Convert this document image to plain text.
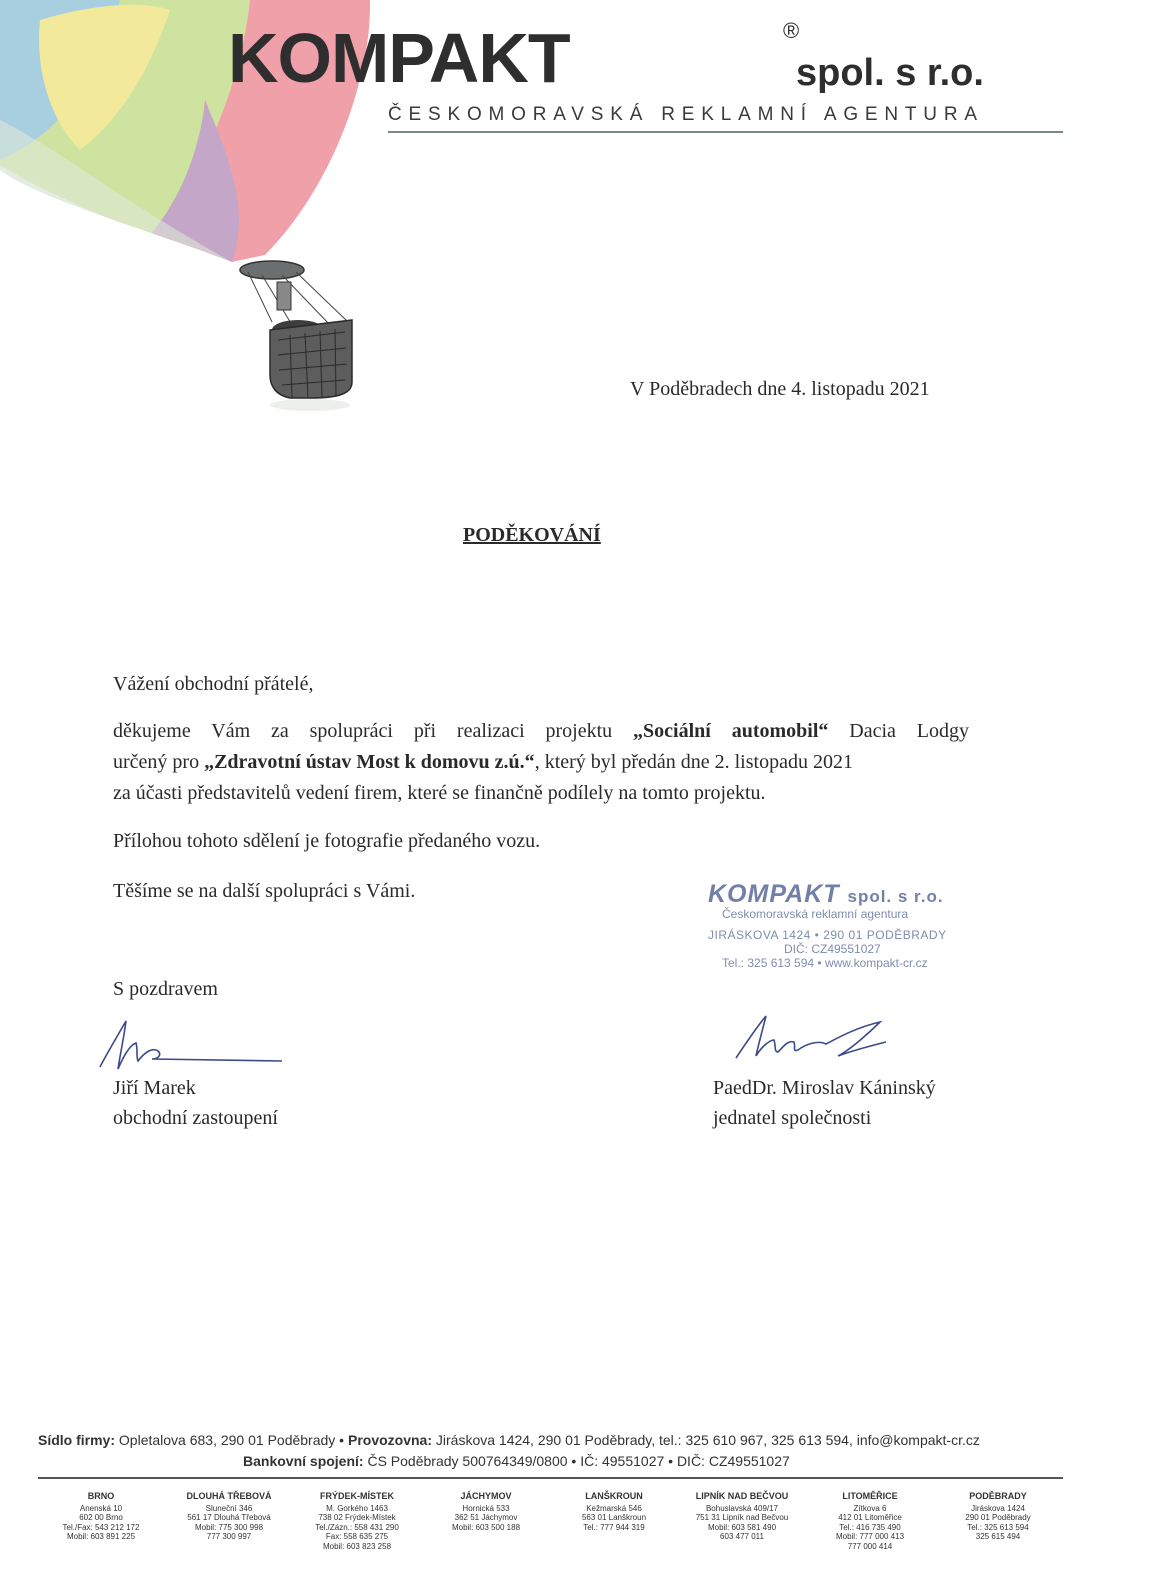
KOMPAKT	®
spol. s r.o.
ČESKOMORAVSKÁ REKLAMNÍ AGENTURA
V Poděbradech dne 4. listopadu 2021
PODĚKOVÁNÍ
Vážení obchodní přátelé,
děkujeme Vám za spolupráci při realizaci projektu „Sociální automobil“ Dacia Lodgy
určený pro „Zdravotní ústav Most k domovu z.ú.“, který byl předán dne 2. listopadu 2021
za účasti představitelů vedení firem, které se finančně podílely na tomto projektu.
Přílohou tohoto sdělení je fotografie předaného vozu.
Těšíme se na další spolupráci s Vámi.
S pozdravem
KOMPAKT spol. s r.o.
Českomoravská reklamní agentura
JIRÁSKOVA 1424 • 290 01 PODĚBRADY
DIČ: CZ49551027
Tel.: 325 613 594 • www.kompakt-cr.cz
Jiří Marek
obchodní zastoupení
PaedDr. Miroslav Káninský
jednatel společnosti
Sídlo firmy: Opletalova 683, 290 01 Poděbrady • Provozovna: Jiráskova 1424, 290 01 Poděbrady, tel.: 325 610 967, 325 613 594, info@kompakt-cr.cz
Bankovní spojení: ČS Poděbrady 500764349/0800 • IČ: 49551027 • DIČ: CZ49551027
BRNO
Anenská 10
602 00 Brno
Tel./Fax: 543 212 172
Mobil: 603 891 225
DLOUHÁ TŘEBOVÁ
Sluneční 346
561 17 Dlouhá Třebová
Mobil: 775 300 998
777 300 997
FRÝDEK-MÍSTEK
M. Gorkého 1463
738 02 Frýdek-Místek
Tel./Zázn.: 558 431 290
Fax: 558 635 275
Mobil: 603 823 258
JÁCHYMOV
Hornická 533
362 51 Jáchymov
Mobil: 603 500 188
LANŠKROUN
Kežmarská 546
563 01 Lanškroun
Tel.: 777 944 319
LIPNÍK NAD BEČVOU
Bohuslavská 409/17
751 31 Lipník nad Bečvou
Mobil: 603 581 490
603 477 011
LITOMĚŘICE
Zítkova 6
412 01 Litoměřice
Tel.: 416 735 490
Mobil: 777 000 413
777 000 414
PODĚBRADY
Jiráskova 1424
290 01 Poděbrady
Tel.: 325 613 594
325 615 494
